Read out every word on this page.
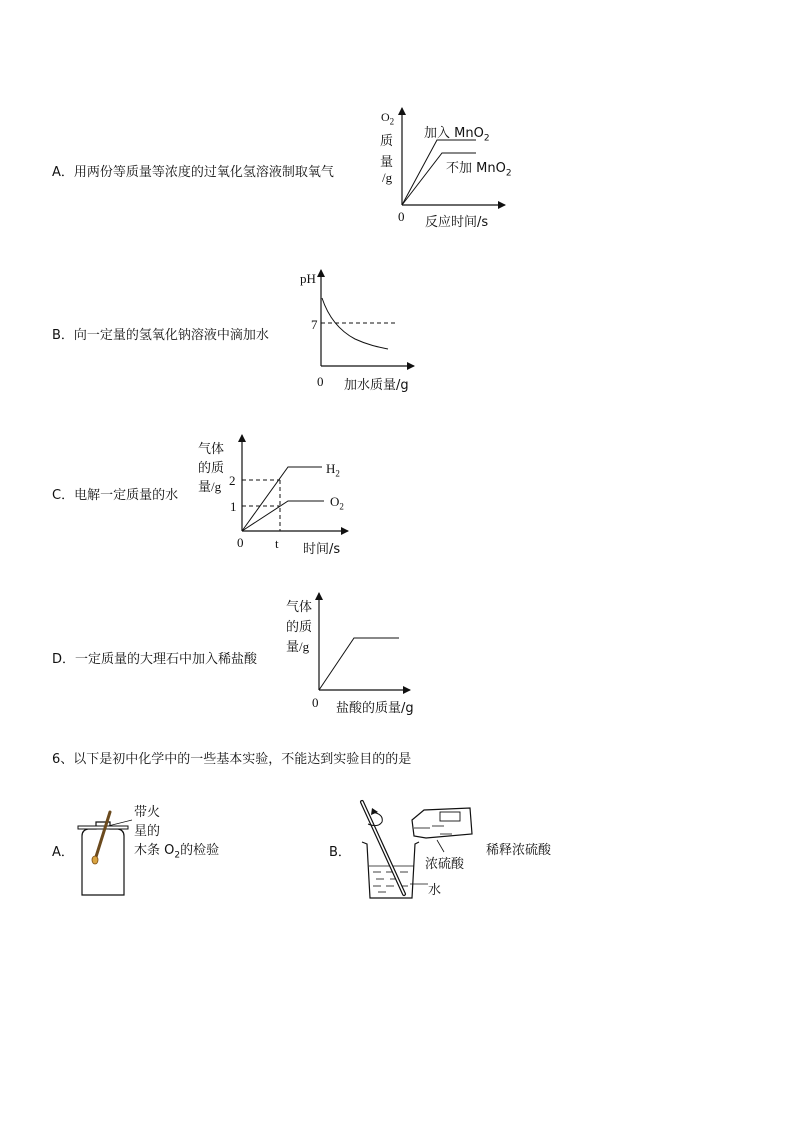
A．用两份等质量等浓度的过氧化氢溶液制取氧气
$O_2$
质
量
/g
0 反应时间/s
加入 MnO$_2$
不加 MnO$_2$
B．向一定量的氢氧化钠溶液中滴加水
pH
7
0 加水质量/g
C．电解一定质量的水
气体
的质
量/g 2
1
0 t 时间/s
$H_2$
$O_2$
D．一定质量的大理石中加入稀盐酸
气体
的质
量/g
0 盐酸的质量/g
6、以下是初中化学中的一些基本实验，不能达到实验目的的是
A．
带火
星的
木条 $O_2$的检验	B．
浓硫酸
水
稀释浓硫酸
